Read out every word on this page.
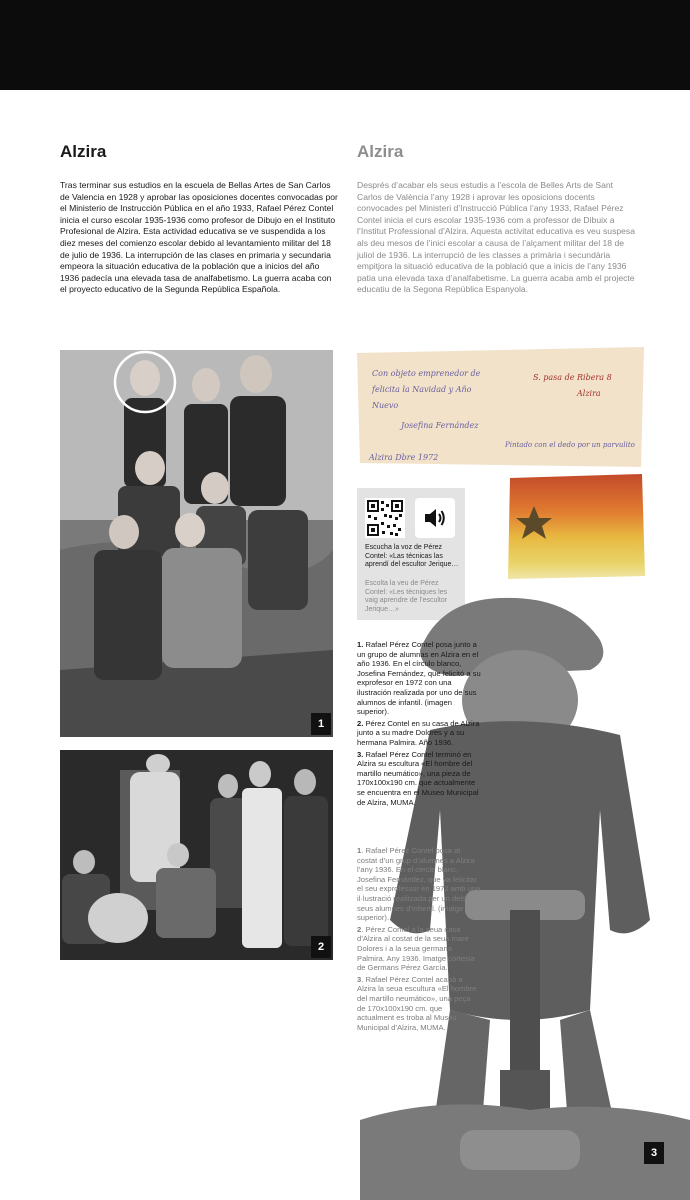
Alzira	Alzira

Tras terminar sus estudios en la escuela de Bellas Artes de San Carlos de Valencia en 1928 y aprobar las oposiciones docentes convocadas por el Ministerio de Instrucción Pública en el año 1933, Rafael Pérez Contel inicia el curso escolar 1935-1936 como profesor de Dibujo en el Instituto Profesional de Alzira. Esta actividad educativa se ve suspendida a los diez meses del comienzo escolar debido al levantamiento militar del 18 de julio de 1936. La interrupción de las clases en primaria y secundaria empeora la situación educativa de la población que a inicios del año 1936 padecía una elevada tasa de analfabetismo. La guerra acaba con el proyecto educativo de la Segunda República Española.

Després d’acabar els seus estudis a l’escola de Belles Arts de Sant Carlos de València l’any 1928 i aprovar les oposicions docents convocades pel Ministeri d’Instrucció Pública l’any 1933, Rafael Pérez Contel inicia el curs escolar 1935-1936 com a professor de Dibuix a l’Institut Professional d’Alzira. Aquesta activitat educativa es veu suspesa als deu mesos de l’inici escolar a causa de l’alçament militar del 18 de juliol de 1936. La interrupció de les classes a primària i secundària empitjora la situació educativa de la població que a inicis de l’any 1936 patia una elevada taxa d’analfabetisme. La guerra acaba amb el projecte educatiu de la Segona República Espanyola.

1
2
Con objeto emprenedor de
felicita la Navidad y Año
Nuevo
Josefina Fernández
Alzira Dbre 1972
S. pasa de Ribera 8
Alzira
Pintado con el dedo por un parvulito

Escucha la voz de Pérez Contel: «Las técnicas las aprendí del escultor Jerique…

Escolta la veu de Pérez Contel: «Les tècniques les vaig aprendre de l’escultor Jerique…»

3

1. Rafael Pérez Contel posa junto a un grupo de alumnas en Alzira en el año 1936. En el círculo blanco, Josefina Fernández, que felicitó a su exprofesor en 1972 con una ilustración realizada por uno de sus alumnos de infantil. (imagen superior).

2. Pérez Contel en su casa de Alzira junto a su madre Dolores y a su hermana Palmira. Año 1936.

3. Rafael Pérez Contel terminó en Alzira su escultura «El hombre del martillo neumático», una pieza de 170x100x190 cm. que actualmente se encuentra en el Museo Municipal de Alzira, MUMA.

1. Rafael Pérez Contel posa al costat d’un grup d’alumnes a Alzira l’any 1936. En el cercle blanc, Josefina Fernández, que va felicitar el seu exprofessor en 1972 amb una il·lustració realitzada per un dels seus alumnes d’infantil. (imatge superior).

2. Pérez Contel a la seua casa d’Alzira al costat de la seua mare Dolores i a la seua germana Palmira. Any 1936. Imatge cortesia de Germans Pérez García.

3. Rafael Pérez Contel acabà a Alzira la seua escultura «El hombre del martillo neumático», una peça de 170x100x190 cm. que actualment es troba al Museu Municipal d’Alzira, MUMA.
